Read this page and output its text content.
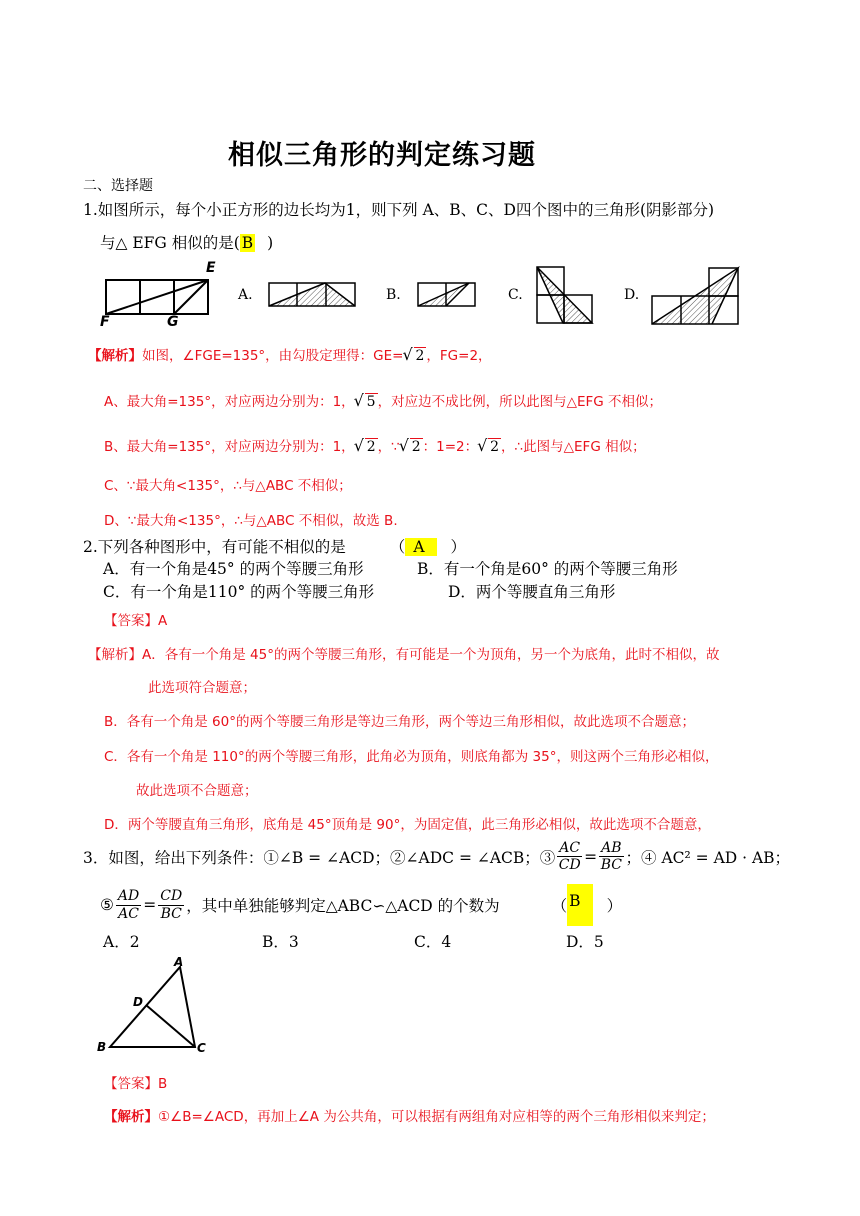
相似三角形的判定练习题
二、选择题
1.如图所示，每个小正方形的边长均为1，则下列 A、B、C、D四个图中的三角形(阴影部分)
与△ EFG 相似的是( B )
E
F	G
A.	B.	C.	D.
【解析】如图，∠FGE=135°，由勾股定理得：GE= √ 2 ，FG=2，
A、最大角=135°，对应两边分别为：1， √ 5 ，对应边不成比例，所以此图与△EFG 不相似；
B、最大角=135°，对应两边分别为：1， √ 2 ，∵ √ 2 ：1=2： √ 2 ，∴此图与△EFG 相似；
C、∵最大角<135°，∴与△ABC 不相似；
D、∵最大角<135°，∴与△ABC 不相似，故选 B.
2.下列各种图形中，有可能不相似的是	（ A ）
A．有一个角是45° 的两个等腰三角形	B．有一个角是60° 的两个等腰三角形
C．有一个角是110° 的两个等腰三角形	D．两个等腰直角三角形
【答案】A
【解析】A．各有一个角是 45°的两个等腰三角形，有可能是一个为顶角，另一个为底角，此时不相似，故
此选项符合题意；
B．各有一个角是 60°的两个等腰三角形是等边三角形，两个等边三角形相似，故此选项不合题意；
C．各有一个角是 110°的两个等腰三角形，此角必为顶角，则底角都为 35°，则这两个三角形必相似，
故此选项不合题意；
D．两个等腰直角三角形，底角是 45°顶角是 90°，为固定值，此三角形必相似，故此选项不合题意，
3．如图，给出下列条件：①∠B = ∠ACD；②∠ADC = ∠ACB；③ $\frac{AC}{CD} = \frac{AB}{BC}$ ；④ AC² = AD · AB；
⑤ $\frac{AD}{AC} = \frac{CD}{BC}$ ，其中单独能够判定△ABC∽△ACD 的个数为	（ B	）
A．2	B．3	C．4	D．5
A
B	C
D
【答案】B
【解析】①∠B=∠ACD，再加上∠A 为公共角，可以根据有两组角对应相等的两个三角形相似来判定；
